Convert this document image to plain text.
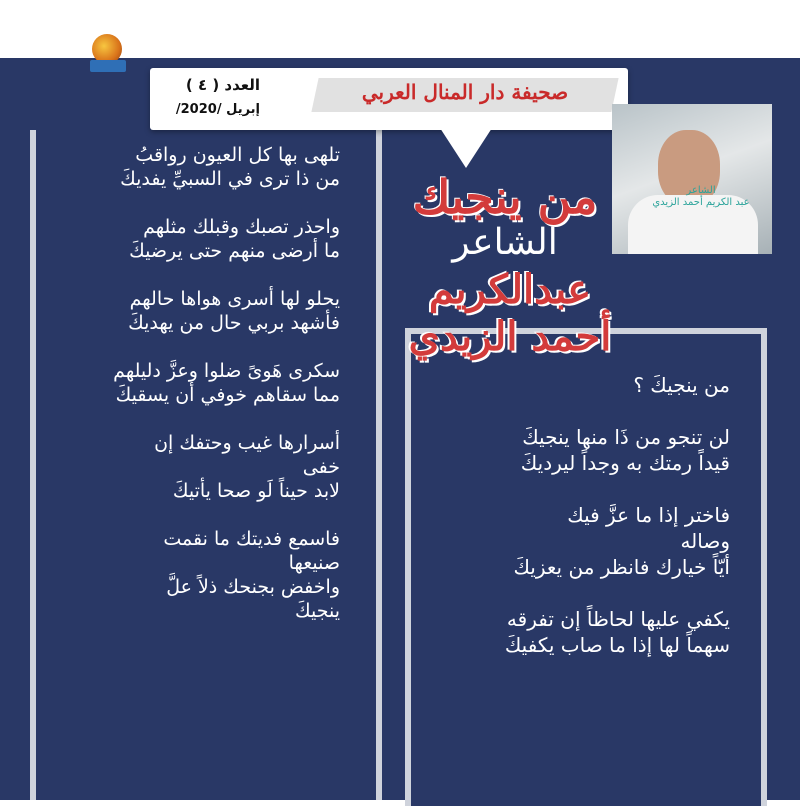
صحيفة دار المنال العربي
العدد ( ٤ )
إبريل /2020/
الشاعر
عبد الكريم أحمد الزيدي
من ينجيك
الشاعر
عبدالكريم أحمد الزيدي
تلهى بها كل العيون رواقبُ
من ذا ترى في السبيِّ يفديكَ
واحذر تصبك وقبلك مثلهم
ما أرضى منهم حتى يرضيكَ
يحلو لها أسرى هواها حالهم
فأشهد بربي حال من يهديكَ
سكرى هَوىً ضلوا وعزَّ دليلهم
مما سقاهم خوفي أن يسقيكَ
أسرارها غيب وحتفك إن
خفى
لابد حيناً لَو صحا يأتيكَ
فاسمع فديتك ما نقمت
صنيعها
واخفض بجنحك ذلاً علَّ
ينجيكَ
من ينجيكَ ؟
لن تنجو من ذَا منها ينجيكَ
قيداً رمتك به وجداً ليرديكَ
فاختر إذا ما عزَّ فيك
وصاله
أيّاً خيارك فانظر من يعزيكَ
يكفي عليها لحاظاً إن تفرقه
سهماً لها إذا ما صاب يكفيكَ
